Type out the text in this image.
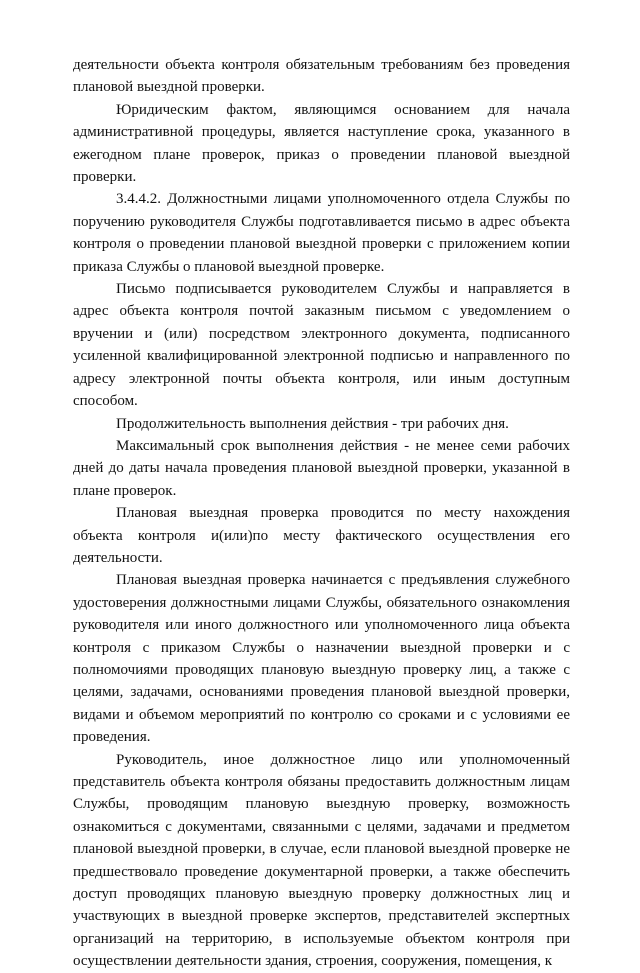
деятельности объекта контроля обязательным требованиям без проведения плановой выездной проверки.

Юридическим фактом, являющимся основанием для начала административной процедуры, является наступление срока, указанного в ежегодном плане проверок, приказ о проведении плановой выездной проверки.

3.4.4.2. Должностными лицами уполномоченного отдела Службы по поручению руководителя Службы подготавливается письмо в адрес объекта контроля о проведении плановой выездной проверки с приложением копии приказа Службы о плановой выездной проверке.

Письмо подписывается руководителем Службы и направляется в адрес объекта контроля почтой заказным письмом с уведомлением о вручении и (или) посредством электронного документа, подписанного усиленной квалифицированной электронной подписью и направленного по адресу электронной почты объекта контроля, или иным доступным способом.

Продолжительность выполнения действия - три рабочих дня.

Максимальный срок выполнения действия - не менее семи рабочих дней до даты начала проведения плановой выездной проверки, указанной в плане проверок.

Плановая выездная проверка проводится по месту нахождения объекта контроля и(или)по месту фактического осуществления его деятельности.

Плановая выездная проверка начинается с предъявления служебного удостоверения должностными лицами Службы, обязательного ознакомления руководителя или иного должностного или уполномоченного лица объекта контроля с приказом Службы о назначении выездной проверки и с полномочиями проводящих плановую выездную проверку лиц, а также с целями, задачами, основаниями проведения плановой выездной проверки, видами и объемом мероприятий по контролю со сроками и с условиями ее проведения.

Руководитель, иное должностное лицо или уполномоченный представитель объекта контроля обязаны предоставить должностным лицам Службы, проводящим плановую выездную проверку, возможность ознакомиться с документами, связанными с целями, задачами и предметом плановой выездной проверки, в случае, если плановой выездной проверке не предшествовало проведение документарной проверки, а также обеспечить доступ проводящих плановую выездную проверку должностных лиц и участвующих в выездной проверке экспертов, представителей экспертных организаций на территорию, в используемые объектом контроля при осуществлении деятельности здания, строения, сооружения, помещения, к
